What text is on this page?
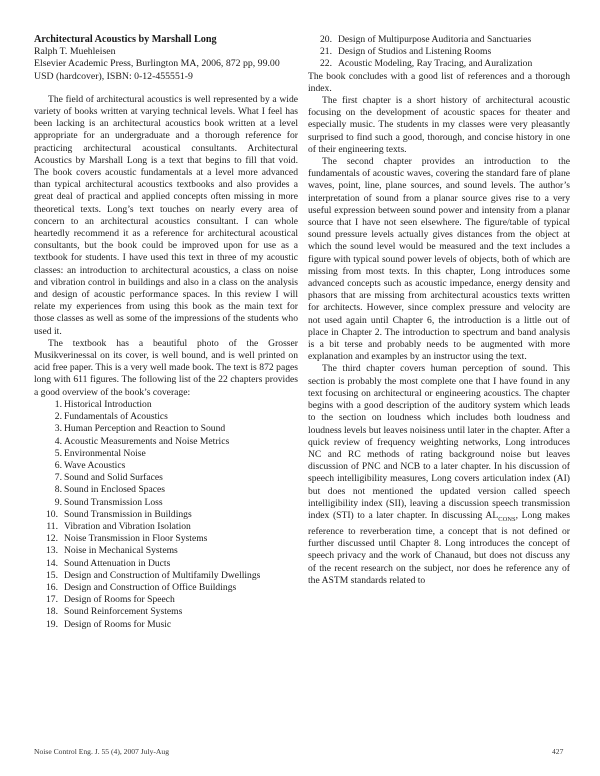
Architectural Acoustics by Marshall Long
Ralph T. Muehleisen
Elsevier Academic Press, Burlington MA, 2006, 872 pp, 99.00 USD (hardcover), ISBN: 0-12-455551-9

The field of architectural acoustics is well represented by a wide variety of books written at varying technical levels. What I feel has been lacking is an architectural acoustics book written at a level appropriate for an undergraduate and a thorough reference for practicing architectural acoustical consultants. Architectural Acoustics by Marshall Long is a text that begins to fill that void. The book covers acoustic fundamentals at a level more advanced than typical architectural acoustics textbooks and also provides a great deal of practical and applied concepts often missing in more theoretical texts. Long’s text touches on nearly every area of concern to an architectural acoustics consultant. I can whole heartedly recommend it as a reference for architectural acoustical consultants, but the book could be improved upon for use as a textbook for students. I have used this text in three of my acoustic classes: an introduction to architectural acoustics, a class on noise and vibration control in buildings and also in a class on the analysis and design of acoustic performance spaces. In this review I will relate my experiences from using this book as the main text for those classes as well as some of the impressions of the students who used it.

The textbook has a beautiful photo of the Grosser Musikverinessal on its cover, is well bound, and is well printed on acid free paper. This is a very well made book. The text is 872 pages long with 611 figures. The following list of the 22 chapters provides a good overview of the book’s coverage:

1. Historical Introduction
2. Fundamentals of Acoustics
3. Human Perception and Reaction to Sound
4. Acoustic Measurements and Noise Metrics
5. Environmental Noise
6. Wave Acoustics
7. Sound and Solid Surfaces
8. Sound in Enclosed Spaces
9. Sound Transmission Loss
10. Sound Transmission in Buildings
11. Vibration and Vibration Isolation
12. Noise Transmission in Floor Systems
13. Noise in Mechanical Systems
14. Sound Attenuation in Ducts
15. Design and Construction of Multifamily Dwellings
16. Design and Construction of Office Buildings
17. Design of Rooms for Speech
18. Sound Reinforcement Systems
19. Design of Rooms for Music
20. Design of Multipurpose Auditoria and Sanctuaries
21. Design of Studios and Listening Rooms
22. Acoustic Modeling, Ray Tracing, and Auralization

The book concludes with a good list of references and a thorough index.

The first chapter is a short history of architectural acoustic focusing on the development of acoustic spaces for theater and especially music. The students in my classes were very pleasantly surprised to find such a good, thorough, and concise history in one of their engineering texts.

The second chapter provides an introduction to the fundamentals of acoustic waves, covering the standard fare of plane waves, point, line, plane sources, and sound levels. The author’s interpretation of sound from a planar source gives rise to a very useful expression between sound power and intensity from a planar source that I have not seen elsewhere. The figure/table of typical sound pressure levels actually gives distances from the object at which the sound level would be measured and the text includes a figure with typical sound power levels of objects, both of which are missing from most texts. In this chapter, Long introduces some advanced concepts such as acoustic impedance, energy density and phasors that are missing from architectural acoustics texts written for architects. However, since complex pressure and velocity are not used again until Chapter 6, the introduction is a little out of place in Chapter 2. The introduction to spectrum and band analysis is a bit terse and probably needs to be augmented with more explanation and examples by an instructor using the text.

The third chapter covers human perception of sound. This section is probably the most complete one that I have found in any text focusing on architectural or engineering acoustics. The chapter begins with a good description of the auditory system which leads to the section on loudness which includes both loudness and loudness levels but leaves noisiness until later in the chapter. After a quick review of frequency weighting networks, Long introduces NC and RC methods of rating background noise but leaves discussion of PNC and NCB to a later chapter. In his discussion of speech intelligibility measures, Long covers articulation index (AI) but does not mentioned the updated version called speech intelligibility index (SII), leaving a discussion speech transmission index (STI) to a later chapter. In discussing $AL_{CONS}$, Long makes reference to reverberation time, a concept that is not defined or further discussed until Chapter 8. Long introduces the concept of speech privacy and the work of Chanaud, but does not discuss any of the recent research on the subject, nor does he reference any of the ASTM standards related to

Noise Control Eng. J. 55 (4), 2007 July-Aug	427
